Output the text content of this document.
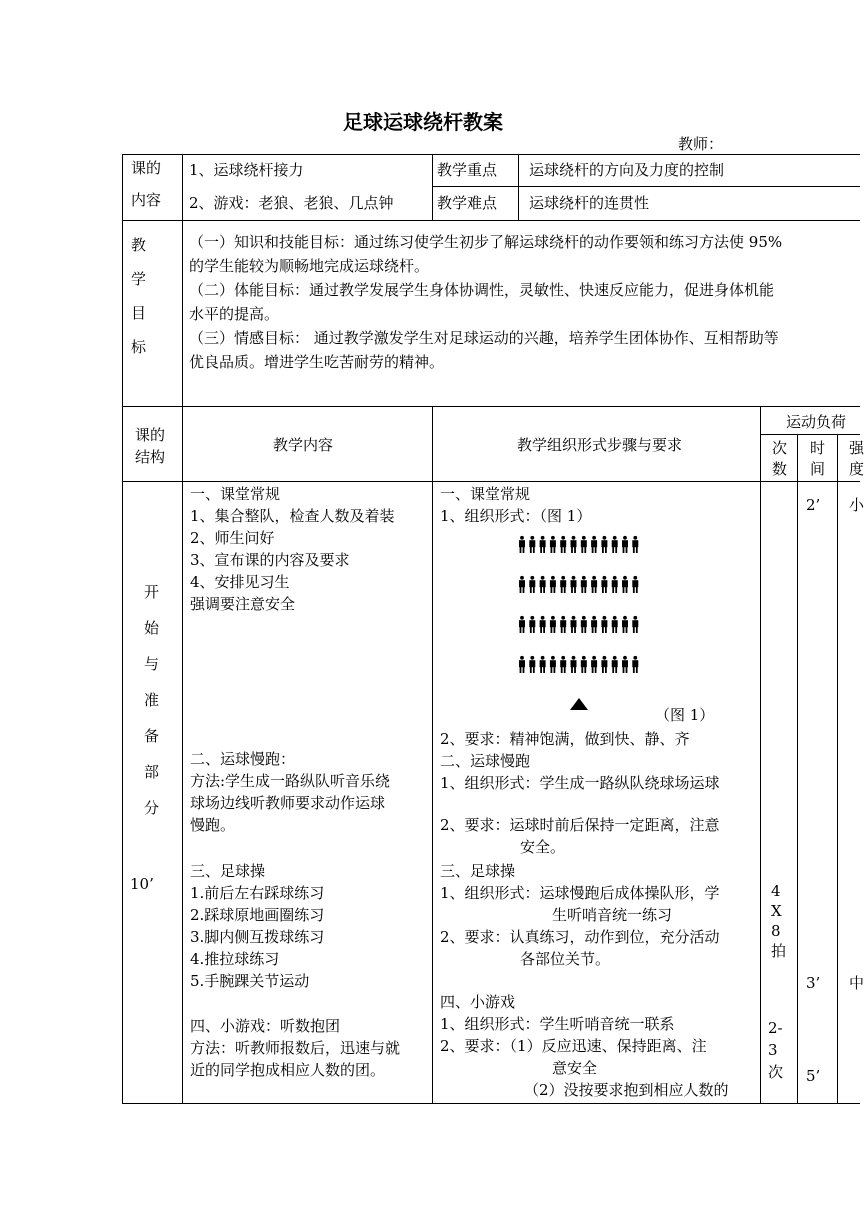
足球运球绕杆教案
教师：
课的
内容
1、运球绕杆接力
2、游戏：老狼、老狼、几点钟
教学重点 运球绕杆的方向及力度的控制
教学难点 运球绕杆的连贯性
教
学
目
标
（一）知识和技能目标：通过练习使学生初步了解运球绕杆的动作要领和练习方法使 95%
的学生能较为顺畅地完成运球绕杆。
（二）体能目标：通过教学发展学生身体协调性，灵敏性、快速反应能力，促进身体机能
水平的提高。
（三）情感目标： 通过教学激发学生对足球运动的兴趣，培养学生团体协作、互相帮助等
优良品质。增进学生吃苦耐劳的精神。
课的
结构
教学内容	教学组织形式步骤与要求
运动负荷
次
数
时
间
强
度
开
始
与
准
备
部
分
10’
一、课堂常规
1、集合整队，检查人数及着装
2、师生问好
3、宣布课的内容及要求
4、安排见习生
强调要注意安全
二、运球慢跑：
方法:学生成一路纵队听音乐绕
球场边线听教师要求动作运球
慢跑。
三、足球操
1.前后左右踩球练习
2.踩球原地画圈练习
3.脚内侧互拨球练习
4.推拉球练习
5.手腕踝关节运动
四、小游戏：听数抱团
方法：听教师报数后，迅速与就
近的同学抱成相应人数的团。
一、课堂常规
1、组织形式：（图 1）
（图 1）
2、要求：精神饱满，做到快、静、齐
二、运球慢跑
1、组织形式：学生成一路纵队绕球场运球
2、要求：运球时前后保持一定距离，注意
安全。
三、足球操
1、组织形式：运球慢跑后成体操队形，学
生听哨音统一练习
2、要求：认真练习，动作到位，充分活动
各部位关节。
四、小游戏
1、组织形式：学生听哨音统一联系
2、要求：（1）反应迅速、保持距离、注
意安全
（2）没按要求抱到相应人数的
4
X
8
拍
2-
3
次
2’
3’
5’
小
中
